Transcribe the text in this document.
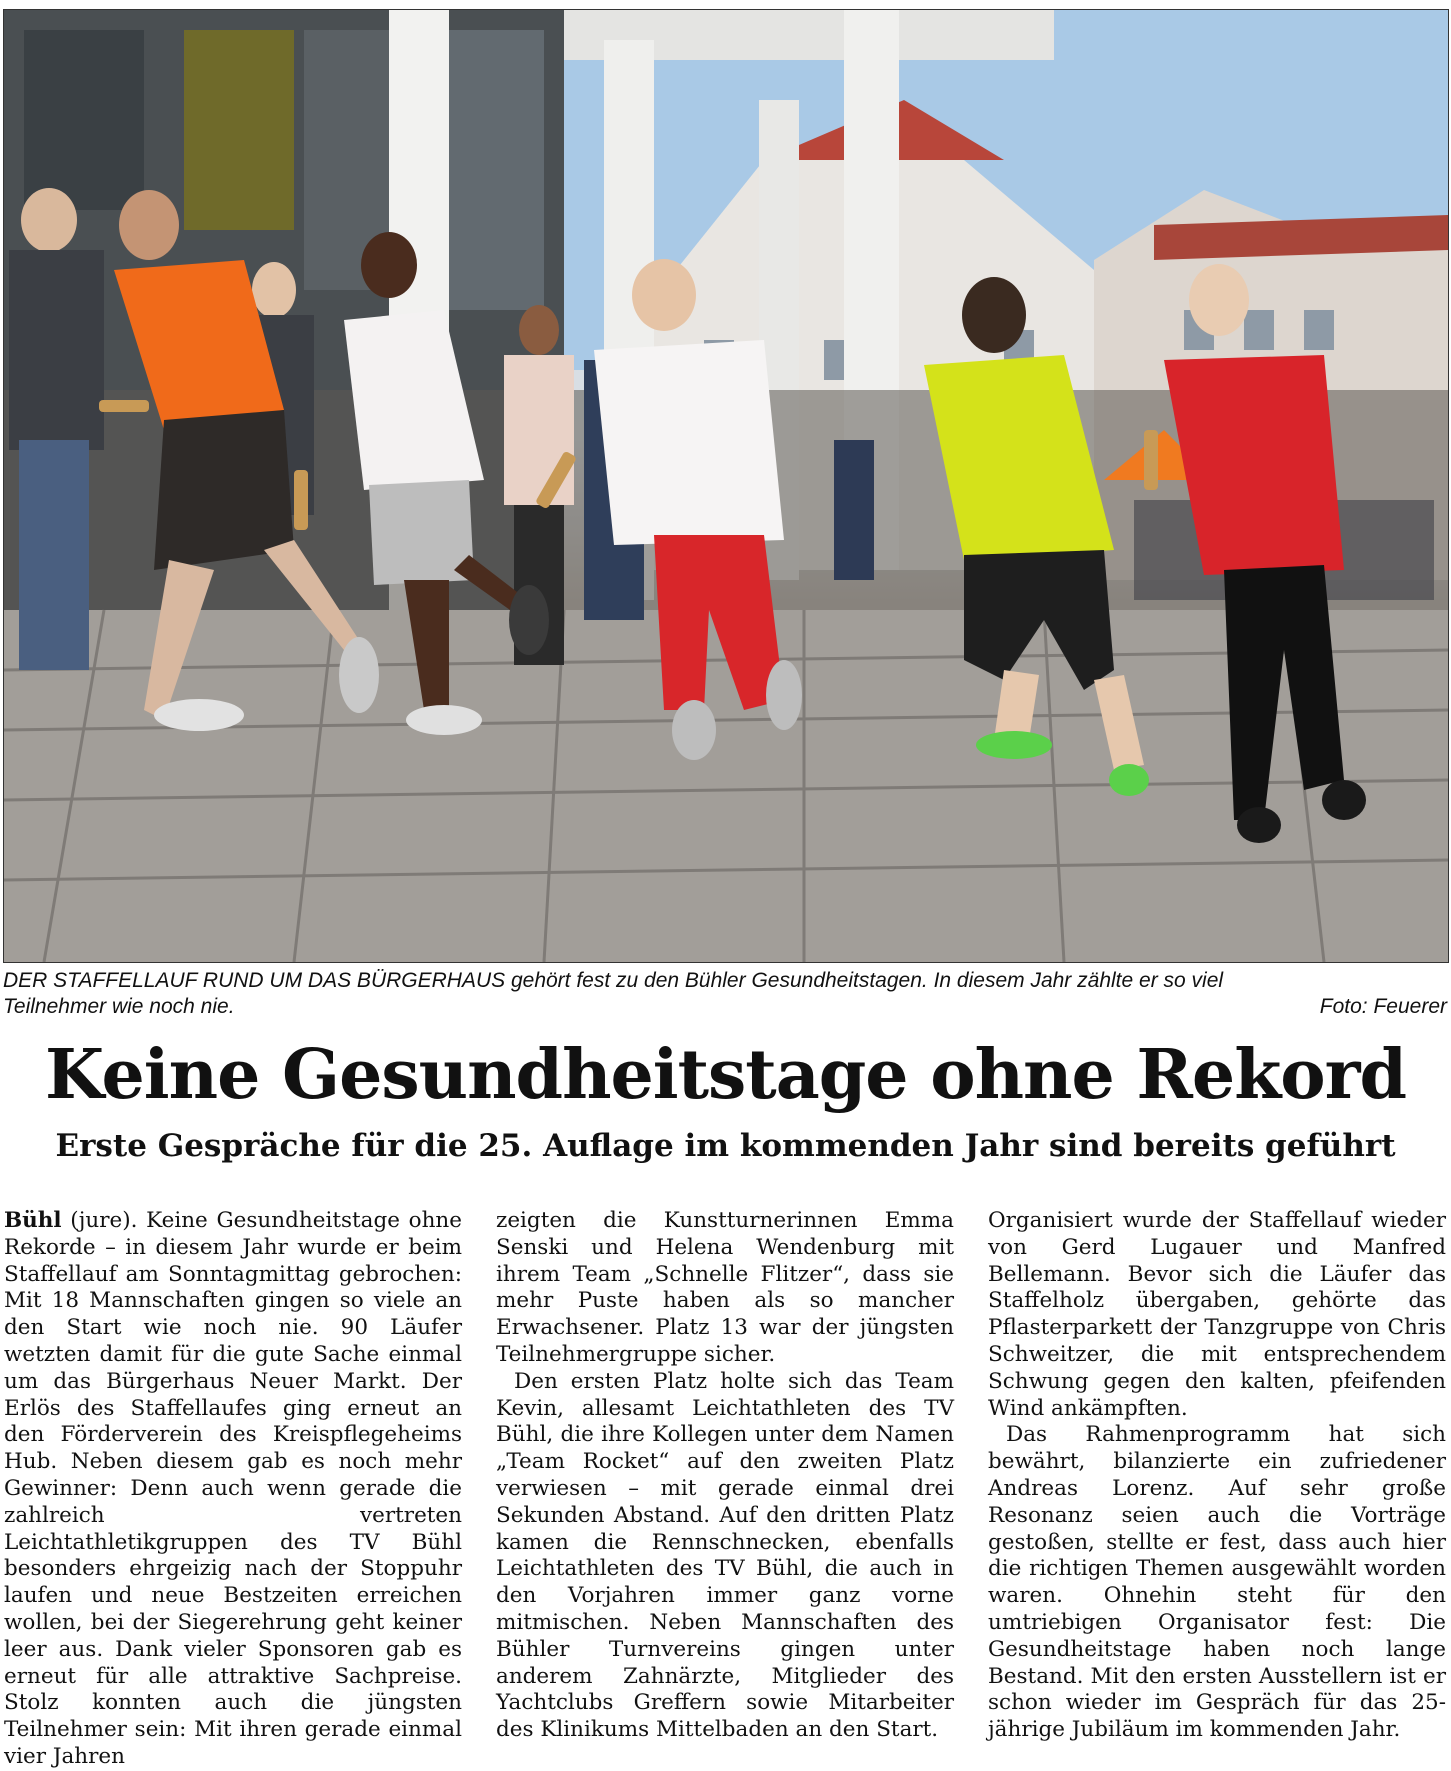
DER STAFFELLAUF RUND UM DAS BÜRGERHAUS gehört fest zu den Bühler Gesundheitstagen. In diesem Jahr zählte er so viel
Teilnehmer wie noch nie.	Foto: Feuerer
Keine Gesundheitstage ohne Rekord
Erste Gespräche für die 25. Auflage im kommenden Jahr sind bereits geführt

Bühl (jure). Keine Gesundheitstage ohne Rekorde – in diesem Jahr wurde er beim Staffellauf am Sonntagmittag gebrochen: Mit 18 Mannschaften gingen so viele an den Start wie noch nie. 90 Läufer wetzten damit für die gute Sache einmal um das Bürgerhaus Neuer Markt. Der Erlös des Staffellaufes ging erneut an den Förderverein des Kreispflegeheims Hub. Neben diesem gab es noch mehr Gewinner: Denn auch wenn gerade die zahlreich vertreten Leichtathletikgruppen des TV Bühl besonders ehrgeizig nach der Stoppuhr laufen und neue Bestzeiten erreichen wollen, bei der Siegerehrung geht keiner leer aus. Dank vieler Sponsoren gab es erneut für alle attraktive Sachpreise. Stolz konnten auch die jüngsten Teilnehmer sein: Mit ihren gerade einmal vier Jahren

zeigten die Kunstturnerinnen Emma Senski und Helena Wendenburg mit ihrem Team „Schnelle Flitzer“, dass sie mehr Puste haben als so mancher Erwachsener. Platz 13 war der jüngsten Teilnehmergruppe sicher.

Den ersten Platz holte sich das Team Kevin, allesamt Leichtathleten des TV Bühl, die ihre Kollegen unter dem Namen „Team Rocket“ auf den zweiten Platz verwiesen – mit gerade einmal drei Sekunden Abstand. Auf den dritten Platz kamen die Rennschnecken, ebenfalls Leichtathleten des TV Bühl, die auch in den Vorjahren immer ganz vorne mitmischen. Neben Mannschaften des Bühler Turnvereins gingen unter anderem Zahnärzte, Mitglieder des Yachtclubs Greffern sowie Mitarbeiter des Klinikums Mittelbaden an den Start.

Organisiert wurde der Staffellauf wieder von Gerd Lugauer und Manfred Bellemann. Bevor sich die Läufer das Staffelholz übergaben, gehörte das Pflasterparkett der Tanzgruppe von Chris Schweitzer, die mit entsprechendem Schwung gegen den kalten, pfeifenden Wind ankämpften.

Das Rahmenprogramm hat sich bewährt, bilanzierte ein zufriedener Andreas Lorenz. Auf sehr große Resonanz seien auch die Vorträge gestoßen, stellte er fest, dass auch hier die richtigen Themen ausgewählt worden waren. Ohnehin steht für den umtriebigen Organisator fest: Die Gesundheitstage haben noch lange Bestand. Mit den ersten Ausstellern ist er schon wieder im Gespräch für das 25-jährige Jubiläum im kommenden Jahr.
